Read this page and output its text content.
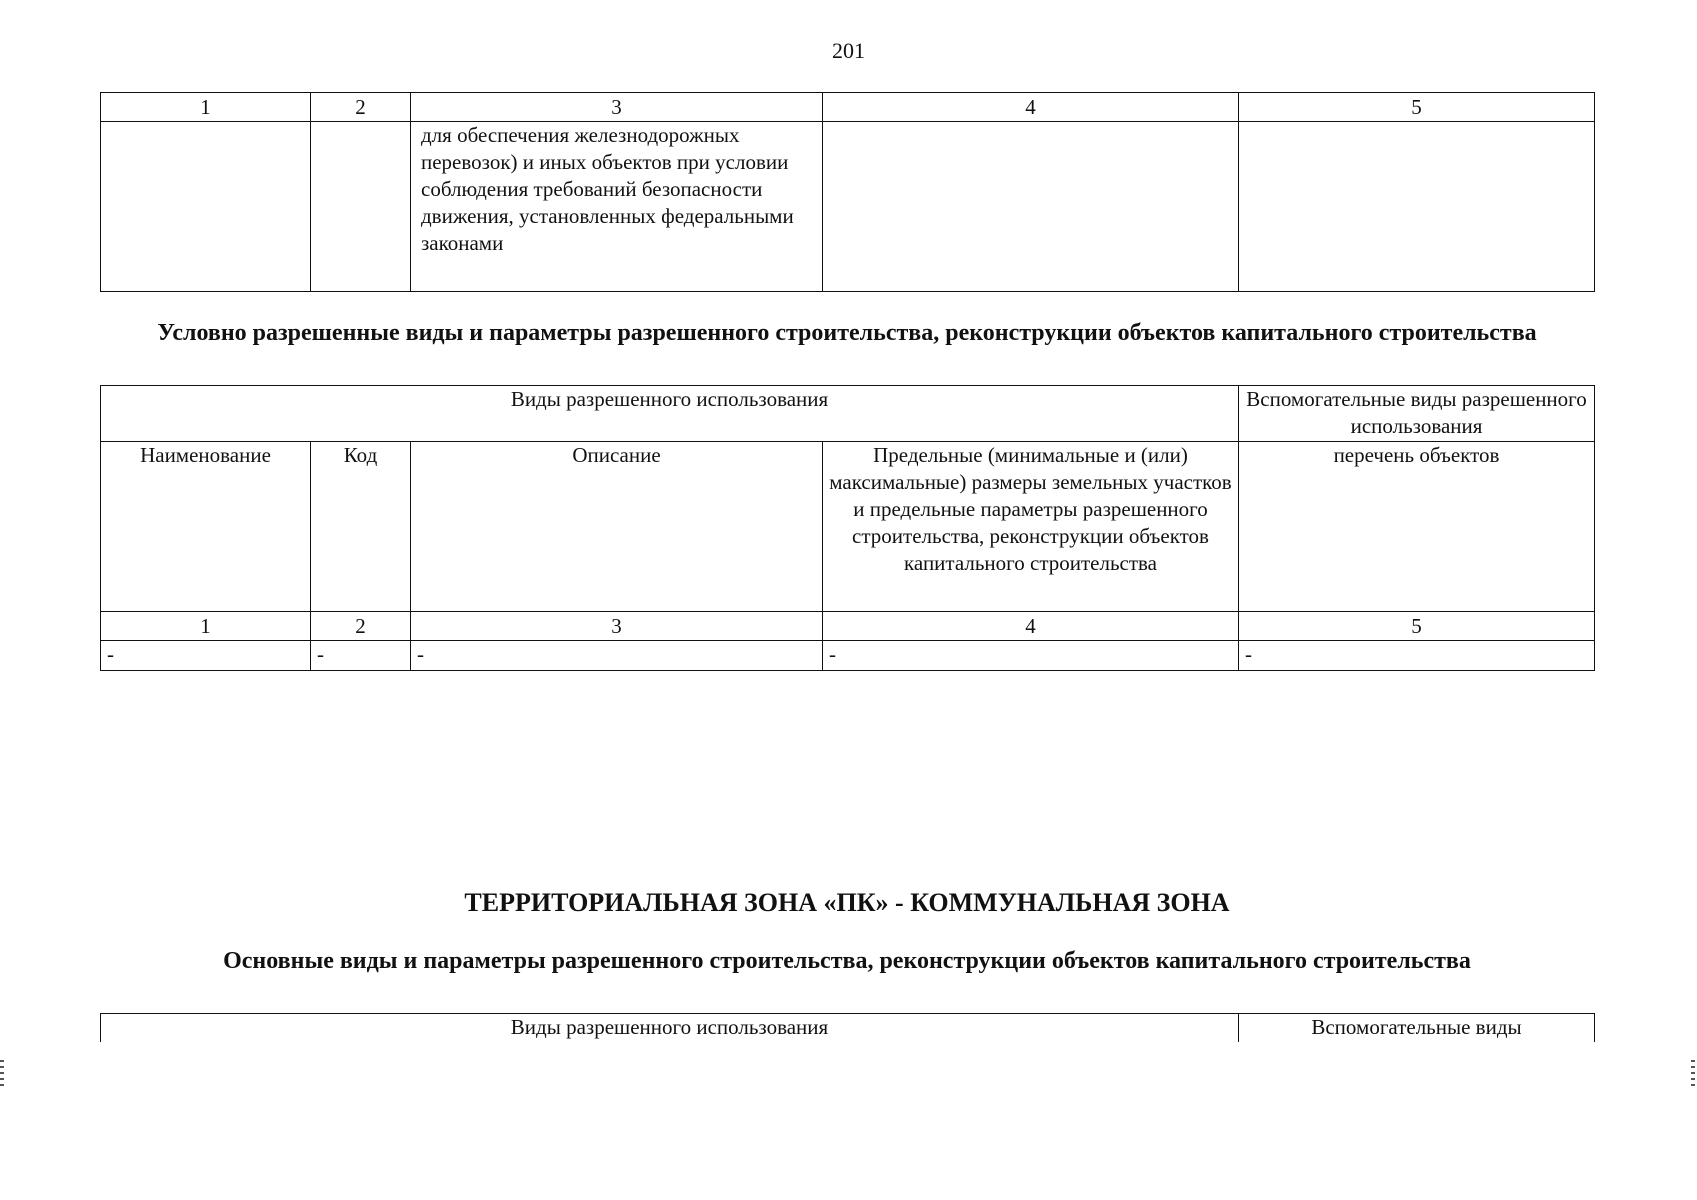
201
1	2	3	4	5
		для обеспечения железнодорожных перевозок) и иных объектов при условии соблюдения требований безопасности движения, установленных федеральными законами		
Условно разрешенные виды и параметры разрешенного строительства, реконструкции объектов капитального строительства
Виды разрешенного использования				Вспомогательные виды разрешенного использования
Наименование	Код	Описание	Предельные (минимальные и (или) максимальные) размеры земельных участков и предельные параметры разрешенного строительства, реконструкции объектов капитального строительства	перечень объектов
1	2	3	4	5
-	-	-	-	-
ТЕРРИТОРИАЛЬНАЯ ЗОНА «ПК» - КОММУНАЛЬНАЯ ЗОНА
Основные виды и параметры разрешенного строительства, реконструкции объектов капитального строительства
Виды разрешенного использования	Вспомогательные виды
